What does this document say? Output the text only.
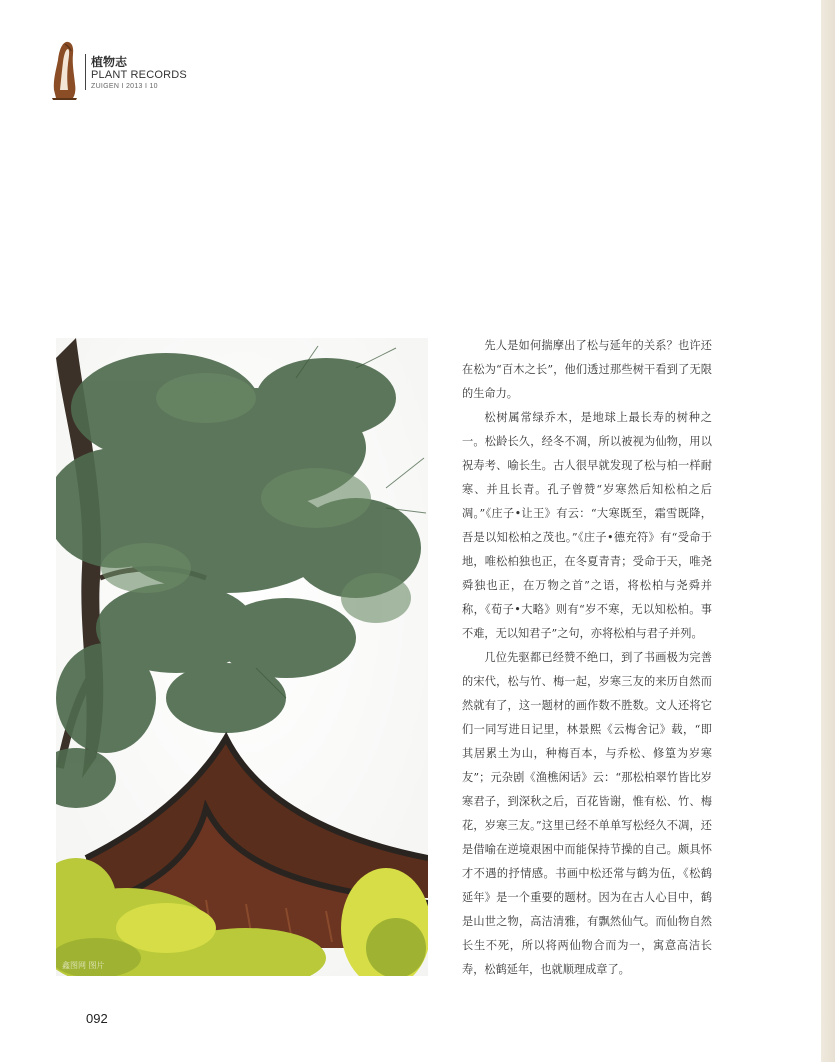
植物志
PLANT RECORDS
ZUIGEN I 2013 I 10
鑫图网 图片

先人是如何揣摩出了松与延年的关系？也许还在松为“百木之长”，他们透过那些树干看到了无限的生命力。

松树属常绿乔木，是地球上最长寿的树种之一。松龄长久，经冬不凋，所以被视为仙物，用以祝寿考、喻长生。古人很早就发现了松与柏一样耐寒、并且长青。孔子曾赞“岁寒然后知松柏之后凋。”《庄子•让王》有云：“大寒既至，霜雪既降，吾是以知松柏之茂也。”《庄子•德充符》有“受命于地，唯松柏独也正，在冬夏青青；受命于天，唯尧舜独也正，在万物之首”之语，将松柏与尧舜并称，《荀子•大略》则有“岁不寒，无以知松柏。事不难，无以知君子”之句，亦将松柏与君子并列。

几位先驱都已经赞不绝口，到了书画极为完善的宋代，松与竹、梅一起，岁寒三友的来历自然而然就有了，这一题材的画作数不胜数。文人还将它们一同写进日记里，林景熙《云梅舍记》载，“即其居累土为山，种梅百本，与乔松、修篁为岁寒友”；元杂剧《渔樵闲话》云：“那松柏翠竹皆比岁寒君子，到深秋之后，百花皆谢，惟有松、竹、梅花，岁寒三友。”这里已经不单单写松经久不凋，还是借喻在逆境艰困中而能保持节操的自己。颇具怀才不遇的抒情感。书画中松还常与鹤为伍，《松鹤延年》是一个重要的题材。因为在古人心目中，鹤是山世之物，高洁清雅，有飘然仙气。而仙物自然长生不死，所以将两仙物合而为一，寓意高洁长寿，松鹤延年，也就顺理成章了。

092
